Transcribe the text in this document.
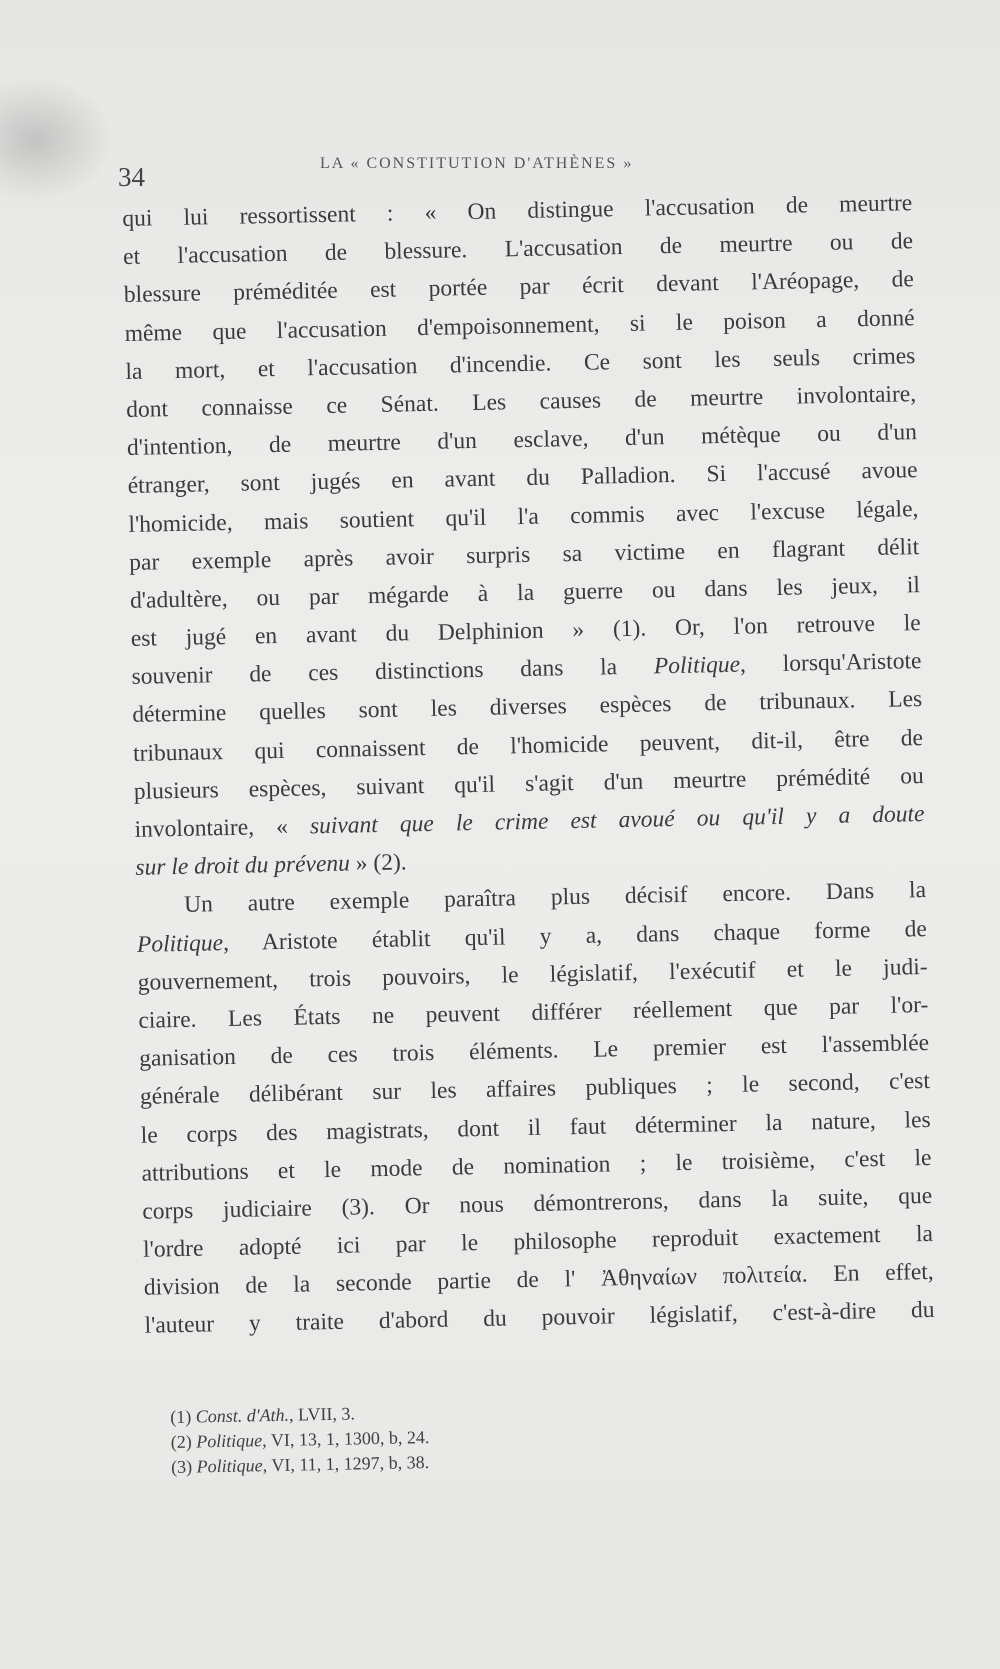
34	LA « CONSTITUTION D'ATHÈNES »
qui lui ressortissent : « On distingue l'accusation de meurtre
et l'accusation de blessure. L'accusation de meurtre ou de
blessure préméditée est portée par écrit devant l'Aréopage, de
même que l'accusation d'empoisonnement, si le poison a donné
la mort, et l'accusation d'incendie. Ce sont les seuls crimes
dont connaisse ce Sénat. Les causes de meurtre involontaire,
d'intention, de meurtre d'un esclave, d'un métèque ou d'un
étranger, sont jugés en avant du Palladion. Si l'accusé avoue
l'homicide, mais soutient qu'il l'a commis avec l'excuse légale,
par exemple après avoir surpris sa victime en flagrant délit
d'adultère, ou par mégarde à la guerre ou dans les jeux, il
est jugé en avant du Delphinion » (1). Or, l'on retrouve le
souvenir de ces distinctions dans la Politique, lorsqu'Aristote
détermine quelles sont les diverses espèces de tribunaux. Les
tribunaux qui connaissent de l'homicide peuvent, dit-il, être de
plusieurs espèces, suivant qu'il s'agit d'un meurtre prémédité ou
involontaire, « suivant que le crime est avoué ou qu'il y a doute
sur le droit du prévenu » (2).
Un autre exemple paraîtra plus décisif encore. Dans la
Politique, Aristote établit qu'il y a, dans chaque forme de
gouvernement, trois pouvoirs, le législatif, l'exécutif et le judi-
ciaire. Les États ne peuvent différer réellement que par l'or-
ganisation de ces trois éléments. Le premier est l'assemblée
générale délibérant sur les affaires publiques ; le second, c'est
le corps des magistrats, dont il faut déterminer la nature, les
attributions et le mode de nomination ; le troisième, c'est le
corps judiciaire (3). Or nous démontrerons, dans la suite, que
l'ordre adopté ici par le philosophe reproduit exactement la
division de la seconde partie de l' Ἀθηναίων πολιτεία. En effet,
l'auteur y traite d'abord du pouvoir législatif, c'est-à-dire du
(1) Const. d'Ath., LVII, 3.
(2) Politique, VI, 13, 1, 1300, b, 24.
(3) Politique, VI, 11, 1, 1297, b, 38.
